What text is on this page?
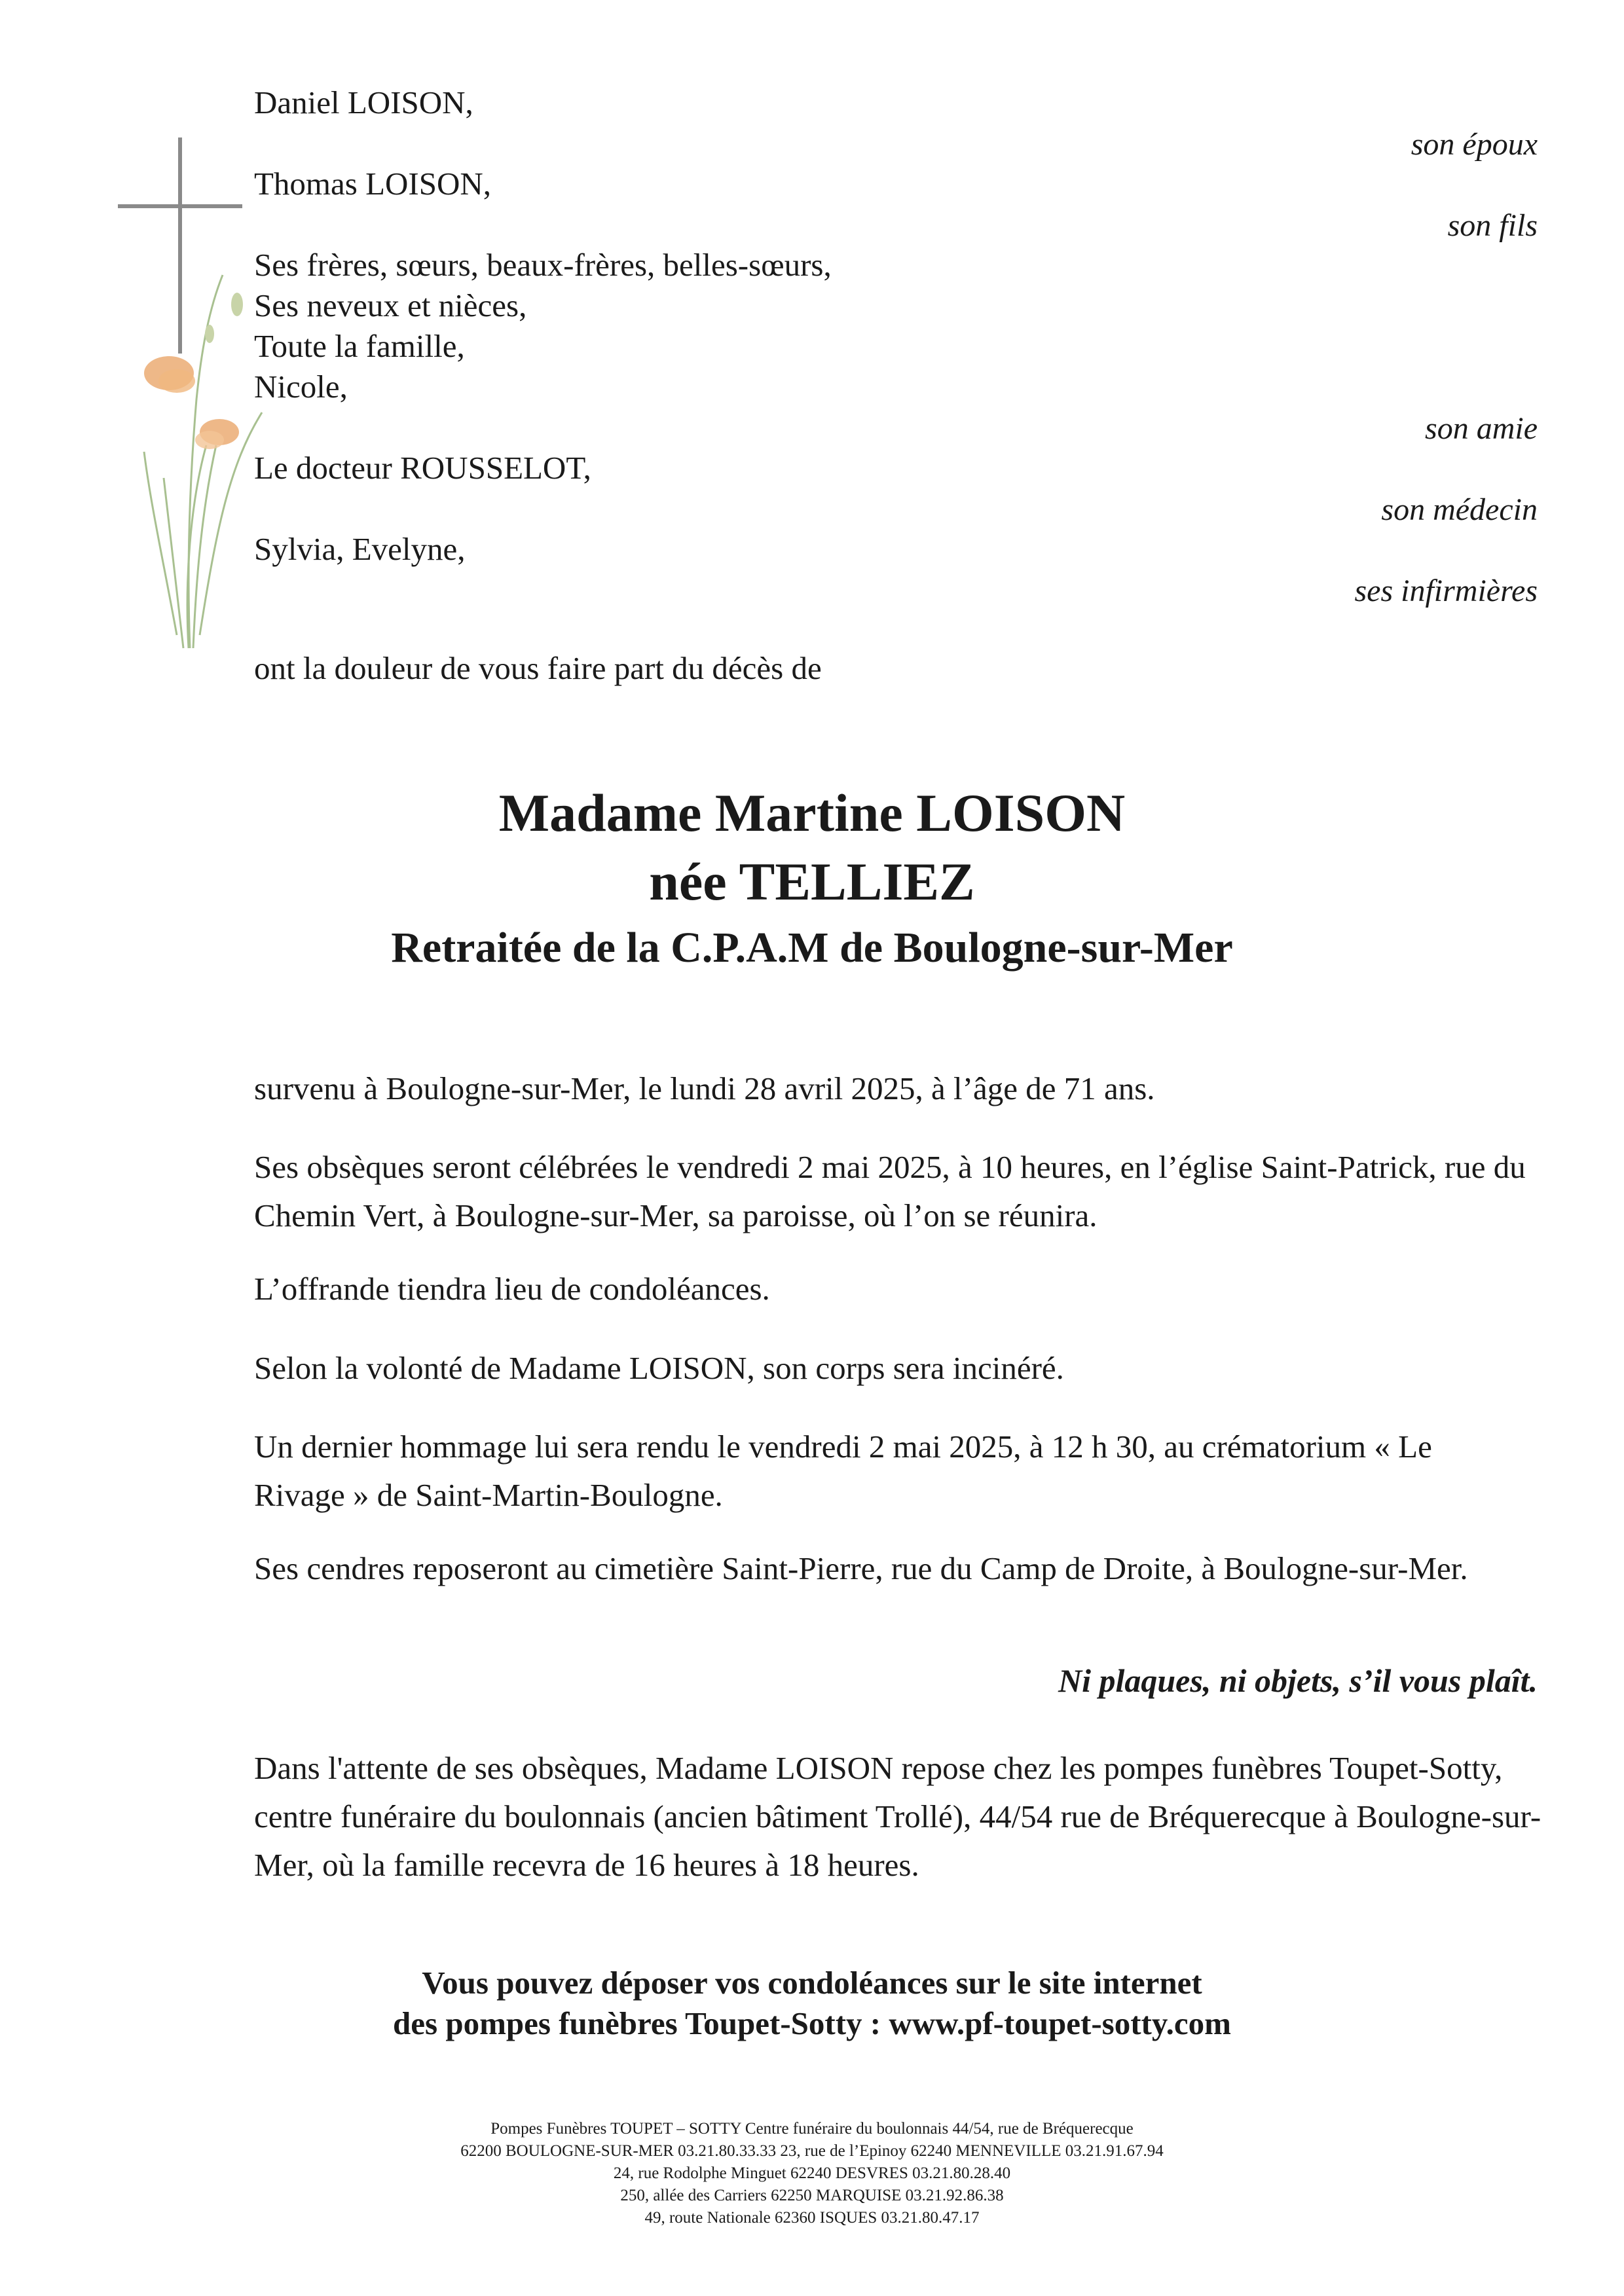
Daniel LOISON,
Thomas LOISON,
Ses frères, sœurs, beaux-frères, belles-sœurs,
Ses neveux et nièces,
Toute la famille,
Nicole,
Le docteur ROUSSELOT,
Sylvia, Evelyne,
son époux
son fils
son amie
son médecin
ses infirmières
ont la douleur de vous faire part du décès de
Madame Martine LOISON
née TELLIEZ
Retraitée de la C.P.A.M de Boulogne-sur-Mer
survenu à Boulogne-sur-Mer, le lundi 28 avril 2025, à l’âge de 71 ans.
Ses obsèques seront célébrées le vendredi 2 mai 2025, à 10 heures, en l’église Saint-Patrick, rue du Chemin Vert, à Boulogne-sur-Mer, sa paroisse, où l’on se réunira.
L’offrande tiendra lieu de condoléances.
Selon la volonté de Madame LOISON, son corps sera incinéré.
Un dernier hommage lui sera rendu le vendredi 2 mai 2025, à 12 h 30, au crématorium « Le Rivage » de Saint-Martin-Boulogne.
Ses cendres reposeront au cimetière Saint-Pierre, rue du Camp de Droite, à Boulogne-sur-Mer.
Ni plaques, ni objets, s’il vous plaît.
Dans l'attente de ses obsèques, Madame LOISON repose chez les pompes funèbres Toupet-Sotty, centre funéraire du boulonnais (ancien bâtiment Trollé), 44/54 rue de Bréquerecque à Boulogne-sur-Mer, où la famille recevra de 16 heures à 18 heures.
Vous pouvez déposer vos condoléances sur le site internet
des pompes funèbres Toupet-Sotty : www.pf-toupet-sotty.com
Pompes Funèbres TOUPET – SOTTY Centre funéraire du boulonnais 44/54, rue de Bréquerecque
62200 BOULOGNE-SUR-MER 03.21.80.33.33 23, rue de l’Epinoy 62240 MENNEVILLE 03.21.91.67.94
24, rue Rodolphe Minguet 62240 DESVRES 03.21.80.28.40
250, allée des Carriers 62250 MARQUISE 03.21.92.86.38
49, route Nationale 62360 ISQUES 03.21.80.47.17
